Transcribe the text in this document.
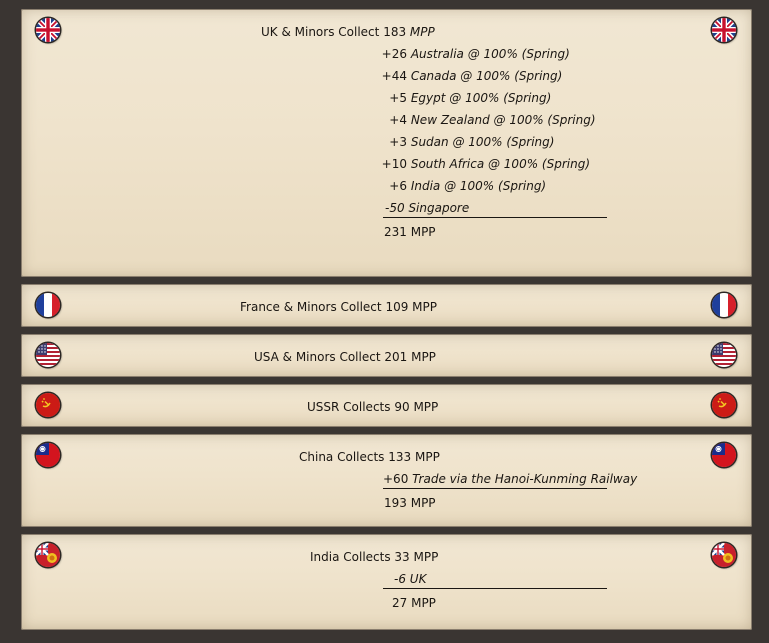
UK & Minors Collect 183 MPP
+26 Australia @ 100% (Spring)
+44 Canada @ 100% (Spring)
+5 Egypt @ 100% (Spring)
+4 New Zealand @ 100% (Spring)
+3 Sudan @ 100% (Spring)
+10 South Africa @ 100% (Spring)
+6 India @ 100% (Spring)
-50 Singapore
231 MPP
France & Minors Collect 109 MPP
USA & Minors Collect 201 MPP
USSR Collects 90 MPP
China Collects 133 MPP
+60 Trade via the Hanoi-Kunming Railway
193 MPP
India Collects 33 MPP
-6 UK
27 MPP
